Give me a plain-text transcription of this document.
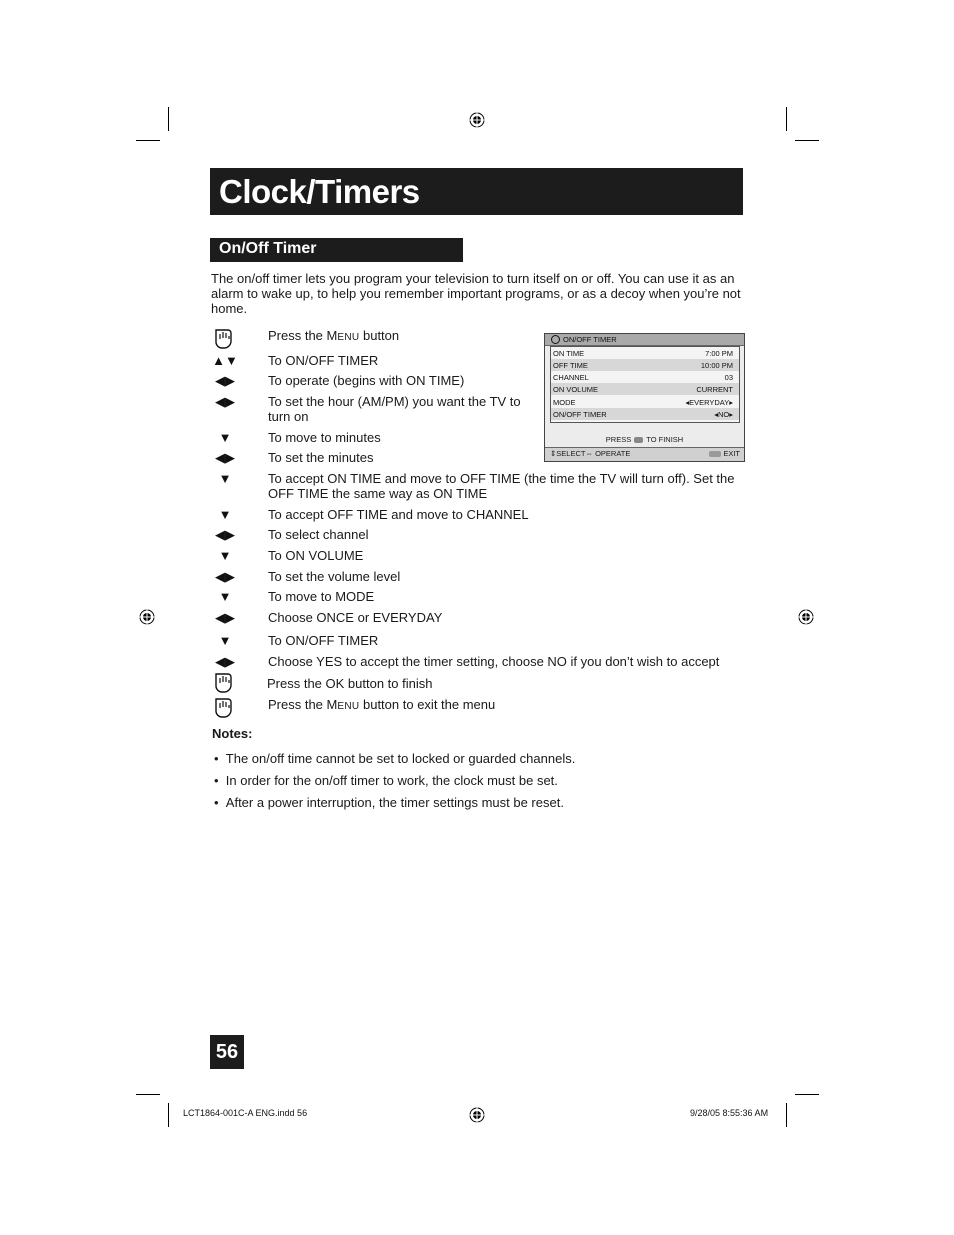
Clock/Timers
On/Off Timer
The on/off timer lets you program your television to turn itself on or off. You can use it as an alarm to wake up, to help you remember important programs, or as a decoy when you’re not home.
Press the MENU button
▲▼ To ON/OFF TIMER
◀▶	To operate (begins with ON TIME)
◀▶	To set the hour (AM/PM) you want the TV to
turn on
▼	To move to minutes
◀▶	To set the minutes
▼	To accept ON TIME and move to OFF TIME (the time the TV will turn off). Set the
OFF TIME the same way as ON TIME
▼	To accept OFF TIME and move to CHANNEL
◀▶	To select channel
▼	To ON VOLUME
◀▶	To set the volume level
▼	To move to MODE
◀▶	Choose ONCE or EVERYDAY
▼	To ON/OFF TIMER
◀▶	Choose YES to accept the timer setting, choose NO if you don’t wish to accept
Press the OK button to finish
Press the MENU button to exit the menu
ON/OFF TIMER
ON TIME	7:00 PM
OFF TIME	10:00 PM
CHANNEL	03
ON VOLUME	CURRENT
MODE	◂EVERYDAY▸
ON/OFF TIMER	◂NO▸
PRESS TO FINISH
⇕SELECT⇔ OPERATE	EXIT
Notes:
•  The on/off time cannot be set to locked or guarded channels.
•  In order for the on/off timer to work, the clock must be set.
•  After a power interruption, the timer settings must be reset.
56
LCT1864-001C-A ENG.indd 56	9/28/05 8:55:36 AM
